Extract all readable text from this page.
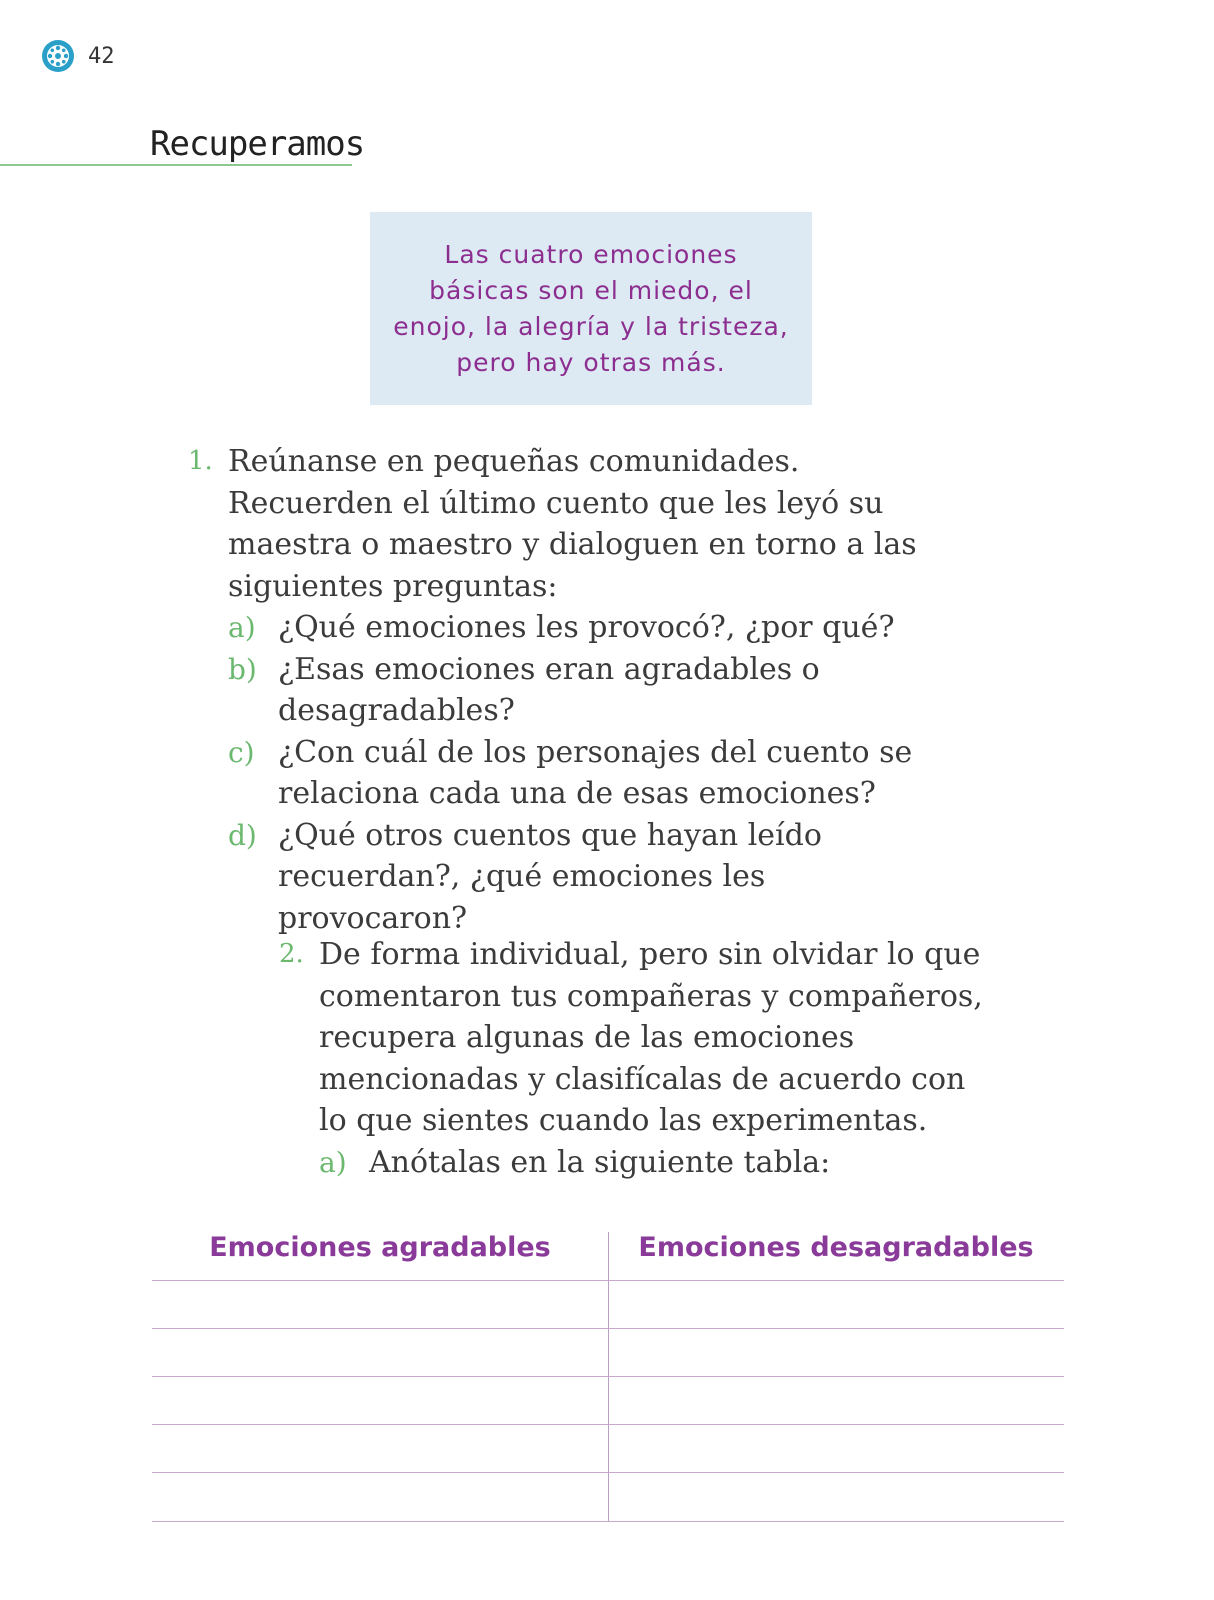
42
Recuperamos
Las cuatro emociones
básicas son el miedo, el
enojo, la alegría y la tristeza,
pero hay otras más.
1. Reúnanse en pequeñas comunidades.
Recuerden el último cuento que les leyó su
maestra o maestro y dialoguen en torno a las
siguientes preguntas:
a) ¿Qué emociones les provocó?, ¿por qué?
b) ¿Esas emociones eran agradables o
desagradables?
c) ¿Con cuál de los personajes del cuento se
relaciona cada una de esas emociones?
d) ¿Qué otros cuentos que hayan leído
recuerdan?, ¿qué emociones les provocaron?
2. De forma individual, pero sin olvidar lo que
comentaron tus compañeras y compañeros,
recupera algunas de las emociones
mencionadas y clasifícalas de acuerdo con
lo que sientes cuando las experimentas.
a) Anótalas en la siguiente tabla:
Emociones agradables	Emociones desagradables
